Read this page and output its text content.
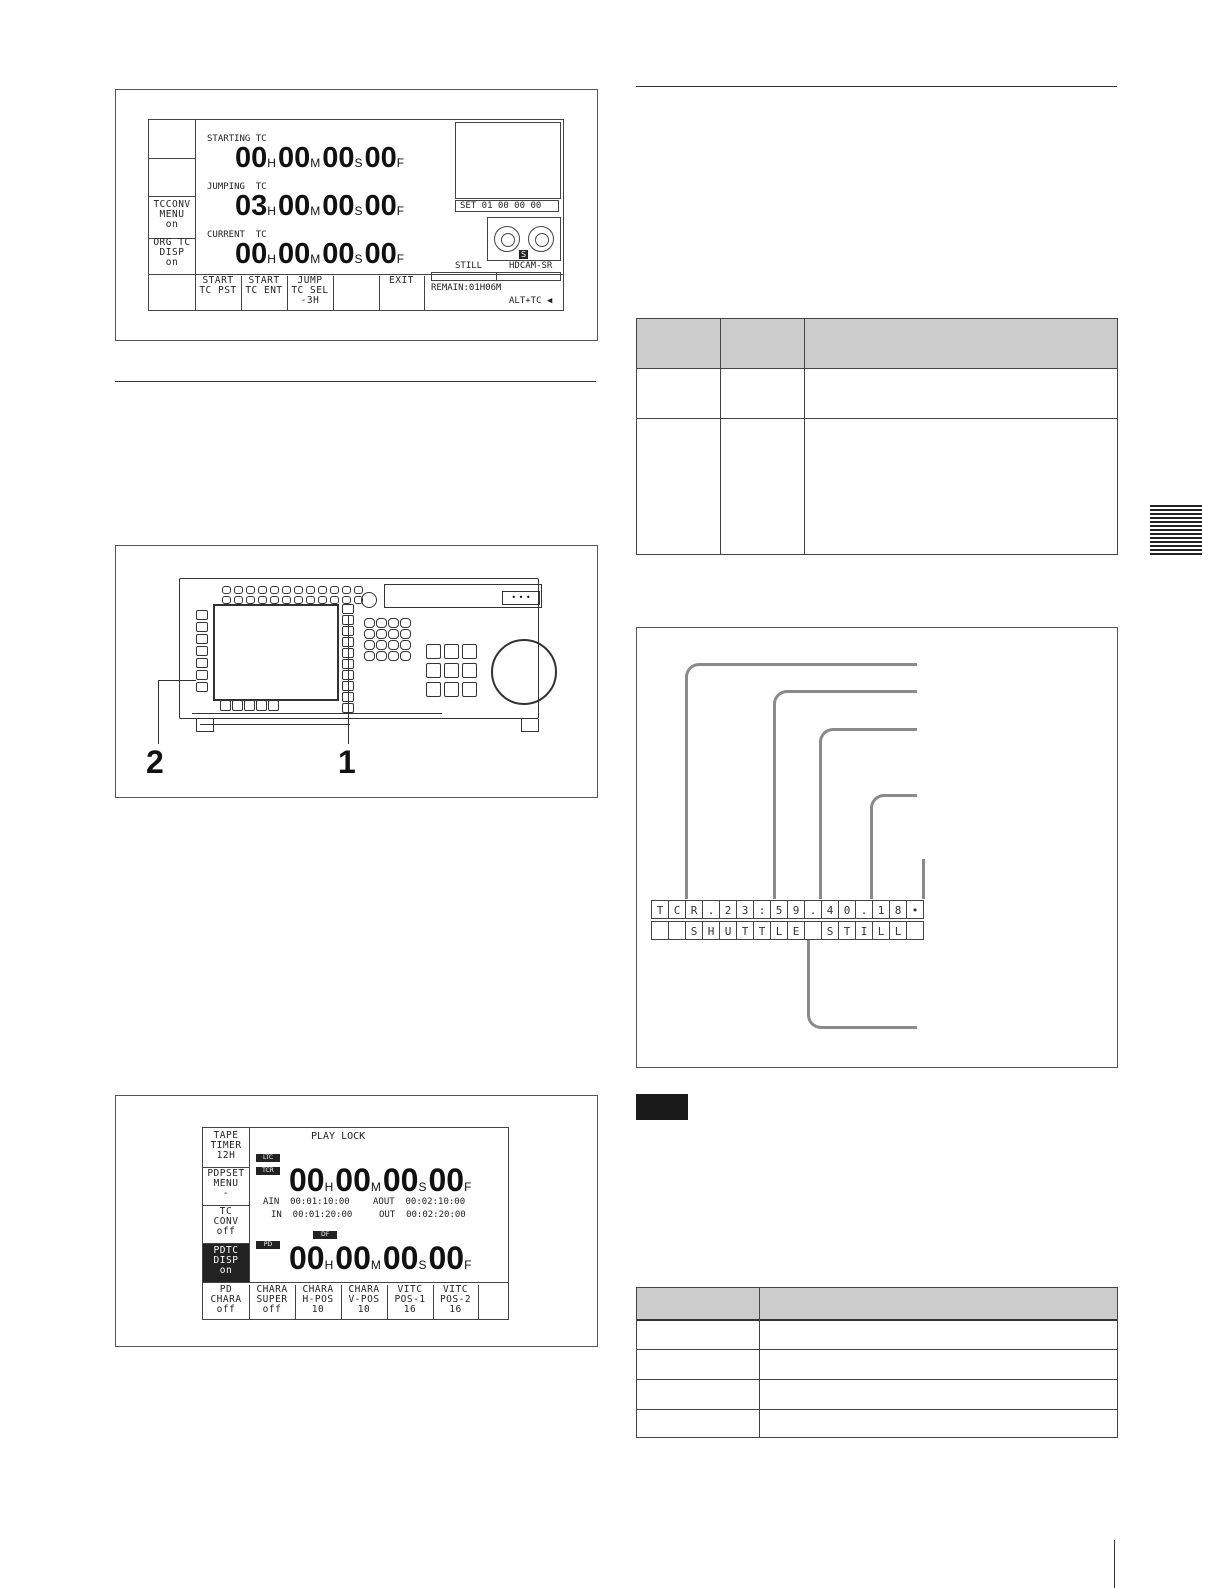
TCCONV
MENU
on
ORG TC
DISP
on
START
TC PST
START
TC ENT
JUMP
TC SEL
-3H
EXIT
STARTING TC
00H00M00S00F
JUMPING  TC
03H00M00S00F
CURRENT  TC
00H00M00S00F
SET 01 00 00 00
S
STILL	HDCAM-SR
REMAIN:01H06M
ALT+TC ◀
• • •
2	1
TAPE
TIMER
12H
PDPSET
MENU
-
TC
CONV
off
PDTC
DISP
on
PD
CHARA
off
CHARA
SUPER
off
CHARA
H-POS
10
CHARA
V-POS
10
VITC
POS-1
16
VITC
POS-2
16
PLAY LOCK
LTC
TCR 00H00M00S00F
AIN  00:01:10:00	AOUT  00:02:10:00
IN  00:01:20:00	OUT  00:02:20:00
DF
PD 00H00M00S00F
T C R . 2 3 : 5 9 . 4 0 . 1 8 •
S H U T T L E	S T I L L
